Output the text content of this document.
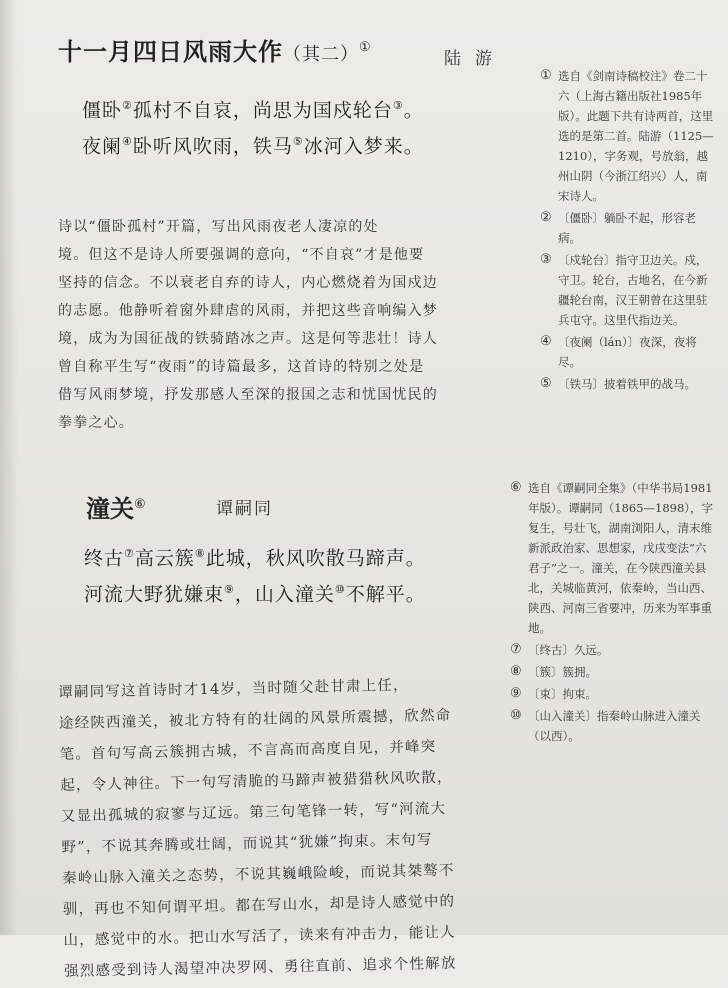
十一月四日风雨大作（其二）①
陆游
僵卧②孤村不自哀，尚思为国戍轮台③。
夜阑④卧听风吹雨，铁马⑤冰河入梦来。
诗以“僵卧孤村”开篇，写出风雨夜老人凄凉的处
境。但这不是诗人所要强调的意向，“不自哀”才是他要
坚持的信念。不以衰老自弃的诗人，内心燃烧着为国戍边
的志愿。他静听着窗外肆虐的风雨，并把这些音响编入梦
境，成为为国征战的铁骑踏冰之声。这是何等悲壮！诗人
曾自称平生写“夜雨”的诗篇最多，这首诗的特别之处是
借写风雨梦境，抒发那感人至深的报国之志和忧国忧民的
拳拳之心。
① 选自《剑南诗稿校注》卷二十六（上海古籍出版社1985年版）。此题下共有诗两首，这里选的是第二首。陆游（1125—1210），字务观，号放翁，越州山阴（今浙江绍兴）人，南宋诗人。
② 〔僵卧〕躺卧不起，形容老病。
③ 〔戍轮台〕指守卫边关。戍，守卫。轮台，古地名，在今新疆轮台南，汉王朝曾在这里驻兵屯守。这里代指边关。
④ 〔夜阑（lán）〕夜深，夜将尽。
⑤ 〔铁马〕披着铁甲的战马。
潼关⑥	谭嗣同
终古⑦高云簇⑧此城，秋风吹散马蹄声。
河流大野犹嫌束⑨，山入潼关⑩不解平。
⑥ 选自《谭嗣同全集》（中华书局1981年版）。谭嗣同（1865—1898），字复生，号壮飞，湖南浏阳人，清末维新派政治家、思想家，戊戌变法“六君子”之一。潼关，在今陕西潼关县北，关城临黄河，依秦岭，当山西、陕西、河南三省要冲，历来为军事重地。
⑦ 〔终古〕久远。
⑧ 〔簇〕簇拥。
⑨ 〔束〕拘束。
⑩ 〔山入潼关〕指秦岭山脉进入潼关（以西）。
谭嗣同写这首诗时才14岁，当时随父赴甘肃上任，
途经陕西潼关，被北方特有的壮阔的风景所震撼，欣然命
笔。首句写高云簇拥古城，不言高而高度自见，并峰突
起，令人神往。下一句写清脆的马蹄声被猎猎秋风吹散，
又显出孤城的寂寥与辽远。第三句笔锋一转，写“河流大
野”，不说其奔腾或壮阔，而说其“犹嫌”拘束。末句写
秦岭山脉入潼关之态势，不说其巍峨险峻，而说其桀骜不
驯，再也不知何谓平坦。都在写山水，却是诗人感觉中的
山，感觉中的水。把山水写活了，读来有冲击力，能让人
强烈感受到诗人渴望冲决罗网、勇往直前、追求个性解放
